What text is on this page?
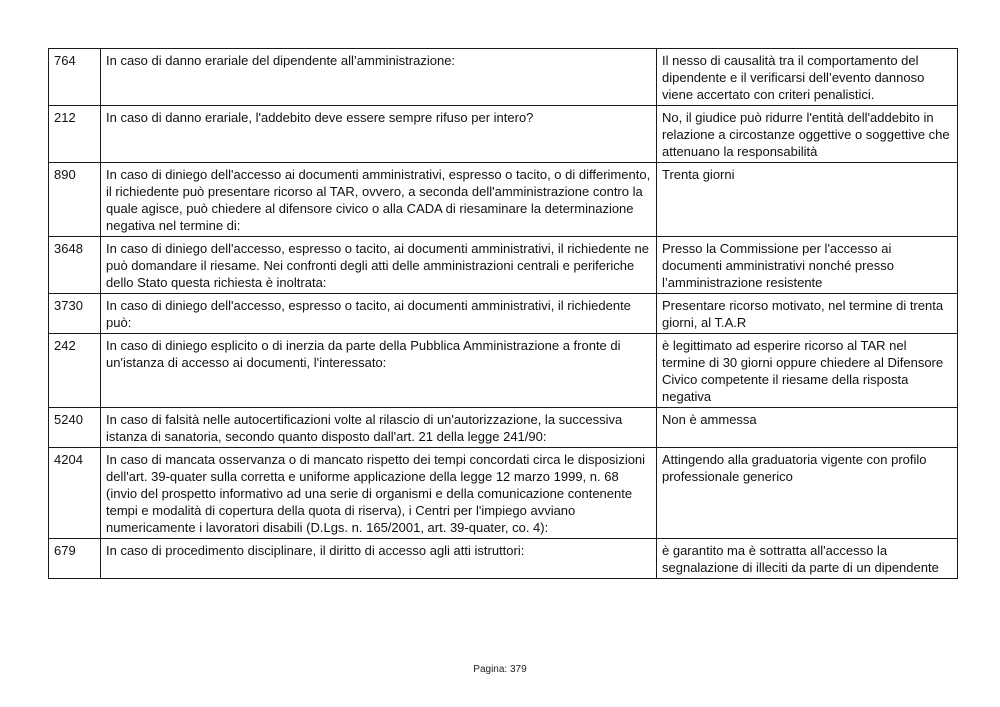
764	In caso di danno erariale del dipendente all’amministrazione:	Il nesso di causalità tra il comportamento del dipendente e il verificarsi dell’evento dannoso viene accertato con criteri penalistici.
212	In caso di danno erariale, l'addebito deve essere sempre rifuso per intero?	No, il giudice può ridurre l'entità dell'addebito in relazione a circostanze oggettive o soggettive che attenuano la responsabilità
890	In caso di diniego dell'accesso ai documenti amministrativi, espresso o tacito, o di differimento, il richiedente può presentare ricorso al TAR, ovvero, a seconda dell'amministrazione contro la quale agisce, può chiedere al difensore civico o alla CADA di riesaminare la determinazione negativa nel termine di:	Trenta giorni
3648	In caso di diniego dell'accesso, espresso o tacito, ai documenti amministrativi, il richiedente ne può domandare il riesame. Nei confronti degli atti delle amministrazioni centrali e periferiche dello Stato questa richiesta è inoltrata:	Presso la Commissione per l'accesso ai documenti amministrativi nonché presso l’amministrazione resistente
3730	In caso di diniego dell'accesso, espresso o tacito, ai documenti amministrativi, il richiedente può:	Presentare ricorso motivato, nel termine di trenta giorni, al T.A.R
242	In caso di diniego esplicito o di inerzia da parte della Pubblica Amministrazione a fronte di un'istanza di accesso ai documenti, l'interessato:	è legittimato ad esperire ricorso al TAR nel termine di 30 giorni oppure chiedere al Difensore Civico competente il riesame della risposta negativa
5240	In caso di falsità nelle autocertificazioni volte al rilascio di un'autorizzazione, la successiva istanza di sanatoria, secondo quanto disposto dall'art. 21 della legge 241/90:	Non è ammessa
4204	In caso di mancata osservanza o di mancato rispetto dei tempi concordati circa le disposizioni dell'art. 39-quater sulla corretta e uniforme applicazione della legge 12 marzo 1999, n. 68 (invio del prospetto informativo ad una serie di organismi e della comunicazione contenente tempi e modalità di copertura della quota di riserva), i Centri per l'impiego avviano numericamente i lavoratori disabili (D.Lgs. n. 165/2001, art. 39-quater, co. 4):	Attingendo alla graduatoria vigente con profilo professionale generico
679	In caso di procedimento disciplinare, il diritto di accesso agli atti istruttori:	è garantito ma è sottratta all'accesso la segnalazione di illeciti da parte di un dipendente
Pagina: 379
